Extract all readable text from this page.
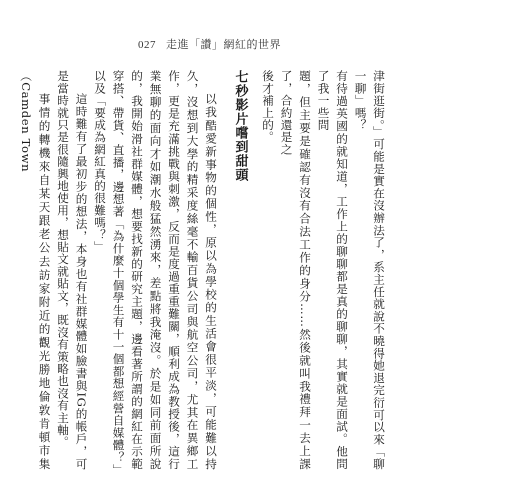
027 走進「讚」網紅的世界

津街逛街。」可能是實在沒辦法了，系主任就說不曉得她退完衍可以來「聊一聊」嗎？

有待過英國的就知道，工作上的聊聊都是真的聊聊，其實就是面試。他問了我一些問

題，但主要是確認有沒有合法工作的身分……然後就叫我禮拜一去上課了，合約還是之

後才補上的。

七秒影片嚐到甜頭

以我酷愛新事物的個性，原以為學校的生活會很平淡，可能難以持久，沒想到大學的精采度絲毫不輸百貨公司與航空公司，尤其在異鄉工作，更是充滿挑戰與刺激，反而是度過重重難關，順利成為教授後，這行業無聊的面向才如潮水般猛然湧來，差點將我淹沒。於是如同前面所說的，我開始滑社群媒體，想要找新的研究主題，邊看著所謂的網紅在示範穿搭、帶貨、直播，邊想著「為什麼十個學生有十一個都想經營自媒體？」以及「要成為網紅真的很難嗎？」

這時難有了最初步的想法，本身也有社群媒體如臉書與IG的帳戶，可是當時就只是很隨興地使用，想貼文就貼文，既沒有策略也沒有主軸。

事情的轉機來自某天跟老公去訪家附近的觀光勝地倫敦肯頓市集（Camden Town
